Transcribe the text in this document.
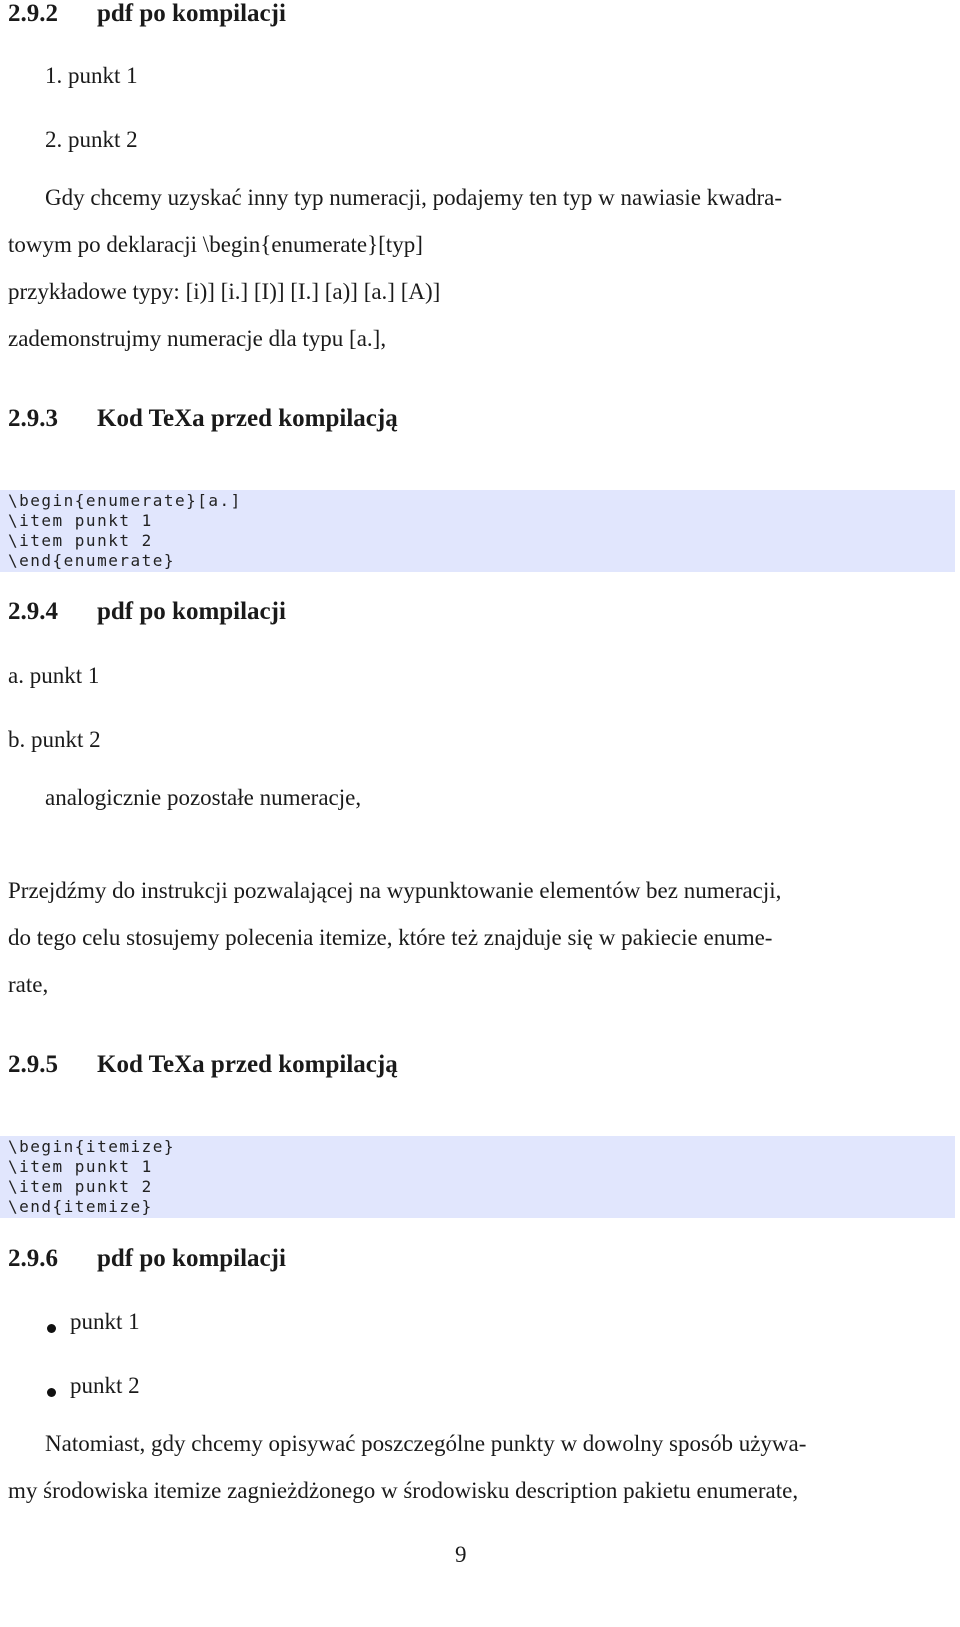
2.9.2 pdf po kompilacji
1. punkt 1
2. punkt 2
Gdy chcemy uzyskać inny typ numeracji, podajemy ten typ w nawiasie kwadra-
towym po deklaracji \begin{enumerate}[typ]
przykładowe typy: [i)] [i.] [I)] [I.] [a)] [a.] [A)]
zademonstrujmy numeracje dla typu [a.],
2.9.3 Kod TeXa przed kompilacją
\begin{enumerate}[a.]
\item punkt 1
\item punkt 2
\end{enumerate}
2.9.4 pdf po kompilacji
a. punkt 1
b. punkt 2
analogicznie pozostałe numeracje,
Przejdźmy do instrukcji pozwalającej na wypunktowanie elementów bez numeracji,
do tego celu stosujemy polecenia itemize, które też znajduje się w pakiecie enume-
rate,
2.9.5 Kod TeXa przed kompilacją
\begin{itemize}
\item punkt 1
\item punkt 2
\end{itemize}
2.9.6 pdf po kompilacji
punkt 1
punkt 2
Natomiast, gdy chcemy opisywać poszczególne punkty w dowolny sposób używa-
my środowiska itemize zagnieżdżonego w środowisku description pakietu enumerate,
9
